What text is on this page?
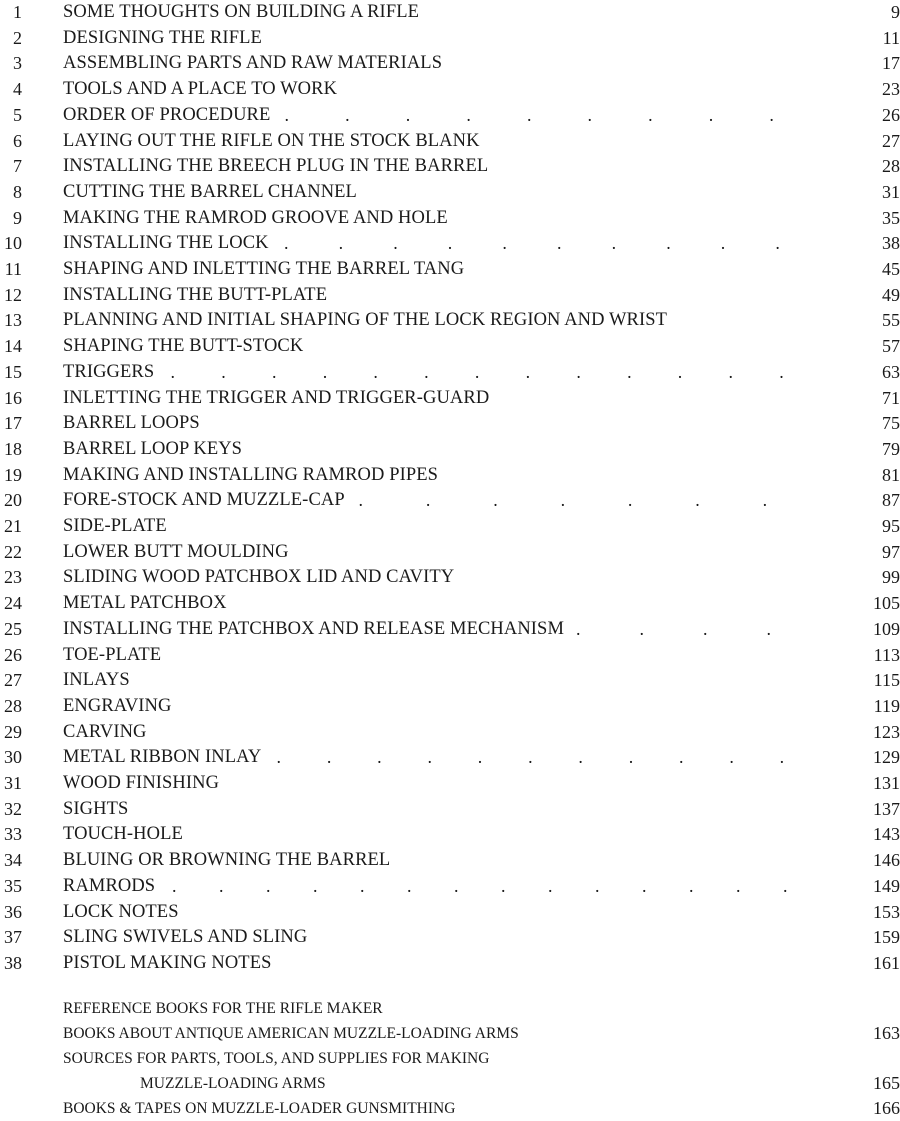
1 SOME THOUGHTS ON BUILDING A RIFLE	9
2 DESIGNING THE RIFLE	11
3 ASSEMBLING PARTS AND RAW MATERIALS	17
4 TOOLS AND A PLACE TO WORK	23
5 ORDER OF PROCEDURE .........	26
6 LAYING OUT THE RIFLE ON THE STOCK BLANK	27
7 INSTALLING THE BREECH PLUG IN THE BARREL	28
8 CUTTING THE BARREL CHANNEL	31
9 MAKING THE RAMROD GROOVE AND HOLE	35
10 INSTALLING THE LOCK ..........	38
11 SHAPING AND INLETTING THE BARREL TANG	45
12 INSTALLING THE BUTT-PLATE	49
13 PLANNING AND INITIAL SHAPING OF THE LOCK REGION AND WRIST	55
14 SHAPING THE BUTT-STOCK	57
15 TRIGGERS .............	63
16 INLETTING THE TRIGGER AND TRIGGER-GUARD	71
17 BARREL LOOPS	75
18 BARREL LOOP KEYS	79
19 MAKING AND INSTALLING RAMROD PIPES	81
20 FORE-STOCK AND MUZZLE-CAP .......	87
21 SIDE-PLATE	95
22 LOWER BUTT MOULDING	97
23 SLIDING WOOD PATCHBOX LID AND CAVITY	99
24 METAL PATCHBOX	105
25 INSTALLING THE PATCHBOX AND RELEASE MECHANISM ....	109
26 TOE-PLATE	113
27 INLAYS	115
28 ENGRAVING	119
29 CARVING	123
30 METAL RIBBON INLAY ...........	129
31 WOOD FINISHING	131
32 SIGHTS	137
33 TOUCH-HOLE	143
34 BLUING OR BROWNING THE BARREL	146
35 RAMRODS ..............	149
36 LOCK NOTES	153
37 SLING SWIVELS AND SLING	159
38 PISTOL MAKING NOTES	161
REFERENCE BOOKS FOR THE RIFLE MAKER
BOOKS ABOUT ANTIQUE AMERICAN MUZZLE-LOADING ARMS	163
SOURCES FOR PARTS, TOOLS, AND SUPPLIES FOR MAKING
MUZZLE-LOADING ARMS	165
BOOKS & TAPES ON MUZZLE-LOADER GUNSMITHING	166
